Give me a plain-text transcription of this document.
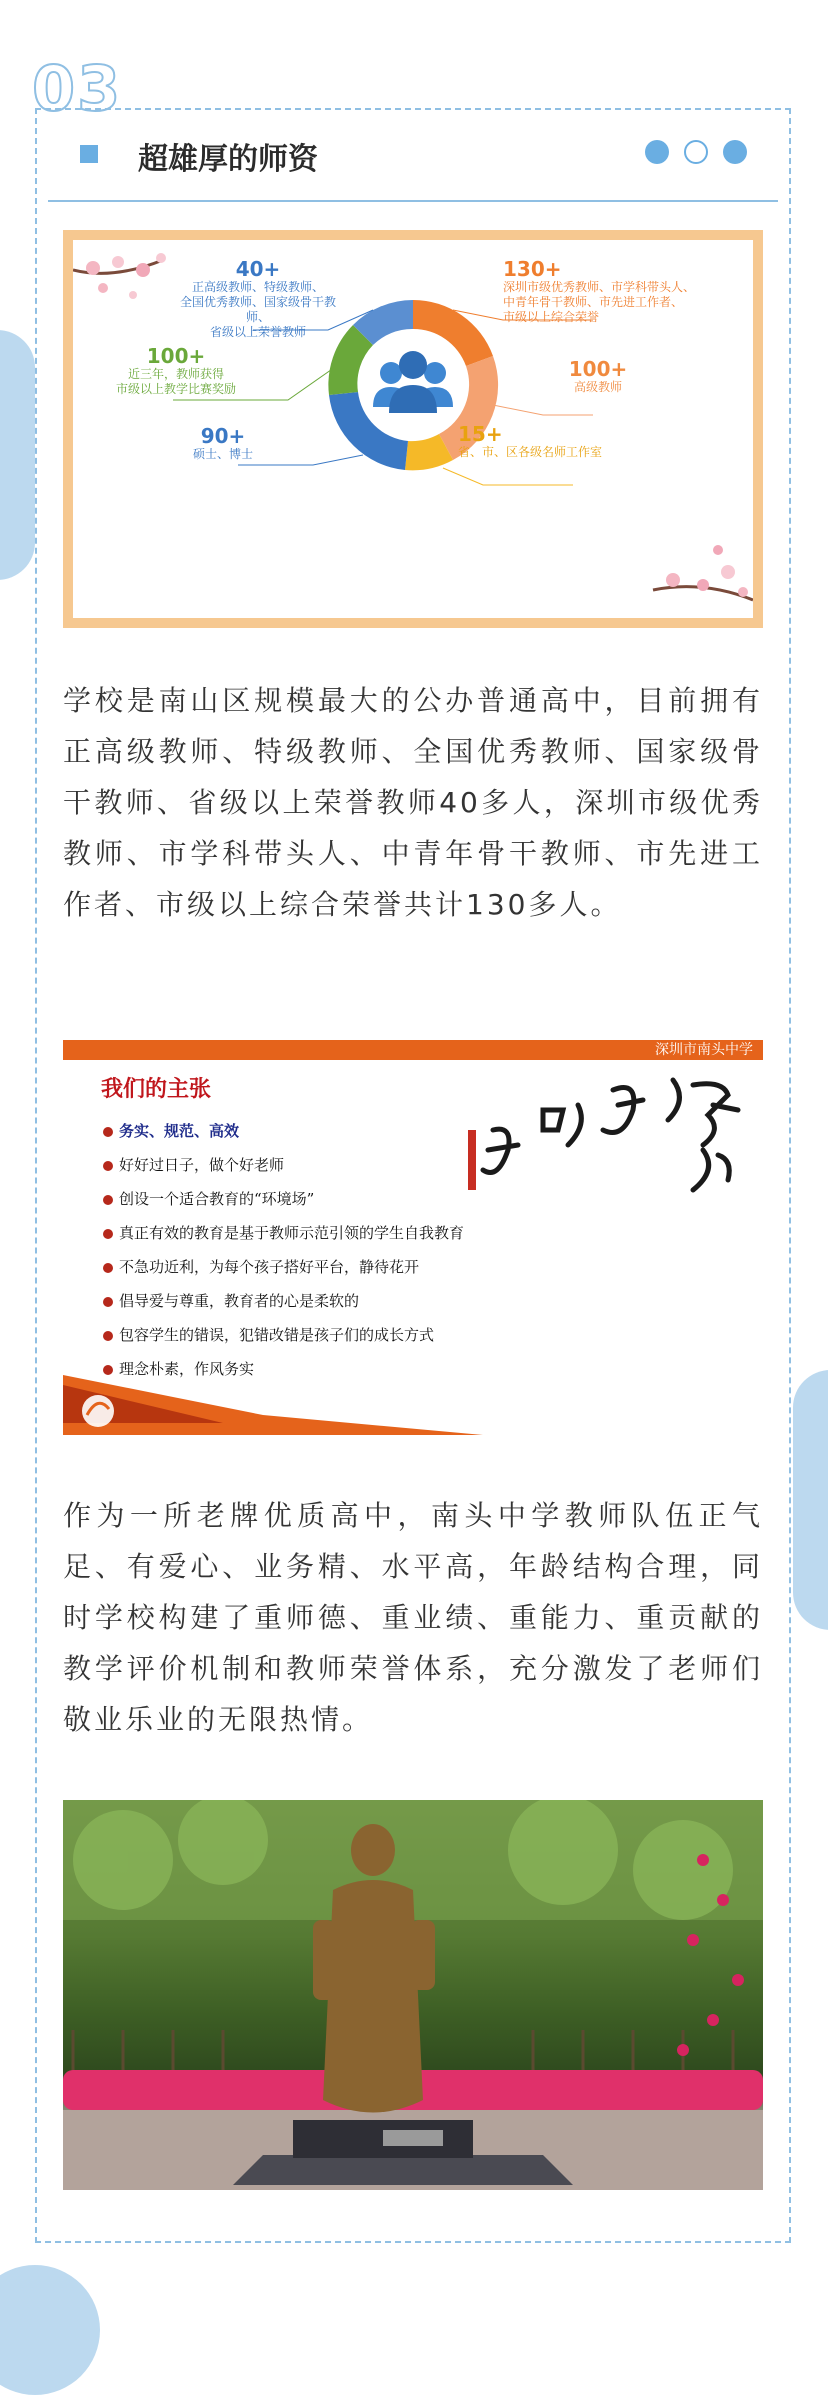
03
超雄厚的师资
40+
正高级教师、特级教师、
全国优秀教师、国家级骨干教师、
省级以上荣誉教师
130+
深圳市级优秀教师、市学科带头人、
中青年骨干教师、市先进工作者、
市级以上综合荣誉
100+
近三年，教师获得
市级以上教学比赛奖励
100+
高级教师
90+
硕士、博士
15+
省、市、区各级名师工作室
学校是南山区规模最大的公办普通高中，目前拥有正高级教师、特级教师、全国优秀教师、国家级骨干教师、省级以上荣誉教师40多人，深圳市级优秀教师、市学科带头人、中青年骨干教师、市先进工作者、市级以上综合荣誉共计130多人。
深圳市南头中学
我们的主张
务实、规范、高效
好好过日子，做个好老师
创设一个适合教育的“环境场”
真正有效的教育是基于教师示范引领的学生自我教育
不急功近利，为每个孩子搭好平台，静待花开
倡导爱与尊重，教育者的心是柔软的
包容学生的错误，犯错改错是孩子们的成长方式
理念朴素，作风务实
作为一所老牌优质高中，南头中学教师队伍正气足、有爱心、业务精、水平高，年龄结构合理，同时学校构建了重师德、重业绩、重能力、重贡献的教学评价机制和教师荣誉体系，充分激发了老师们敬业乐业的无限热情。
